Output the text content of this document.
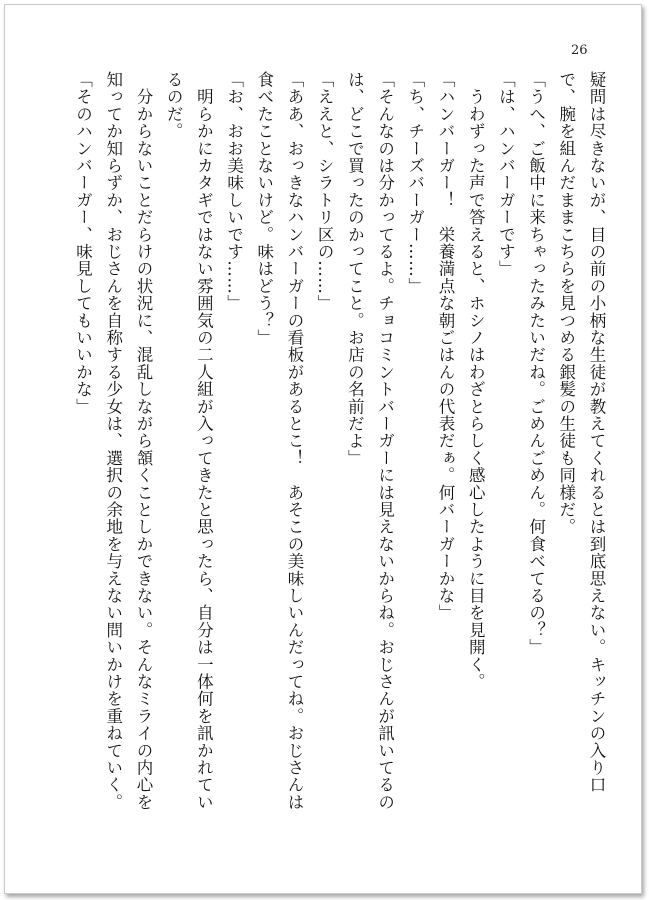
26
疑問は尽きないが、目の前の小柄な生徒が教えてくれるとは到底思えない。キッチンの入り口
で、腕を組んだままこちらを見つめる銀髪の生徒も同様だ。
「うへ、ご飯中に来ちゃったみたいだね。ごめんごめん。何食べてるの？」
「は、ハンバーガーです」
　うわずった声で答えると、ホシノはわざとらしく感心したように目を見開く。
「ハンバーガー！　栄養満点な朝ごはんの代表だぁ。何バーガーかな」
「ち、チーズバーガー……」
「そんなのは分かってるよ。チョコミントバーガーには見えないからね。おじさんが訊いてるの
は、どこで買ったのかってこと。お店の名前だよ」
「ええと、シラトリ区の……」
「ああ、おっきなハンバーガーの看板があるとこ！　あそこの美味しいんだってね。おじさんは
食べたことないけど。味はどう？」
「お、おお美味しいです……」
　明らかにカタギではない雰囲気の二人組が入ってきたと思ったら、自分は一体何を訊かれてい
るのだ。
　分からないことだらけの状況に、混乱しながら頷くことしかできない。そんなミライの内心を
知ってか知らずか、おじさんを自称する少女は、選択の余地を与えない問いかけを重ねていく。
「そのハンバーガー、味見してもいいかな」
